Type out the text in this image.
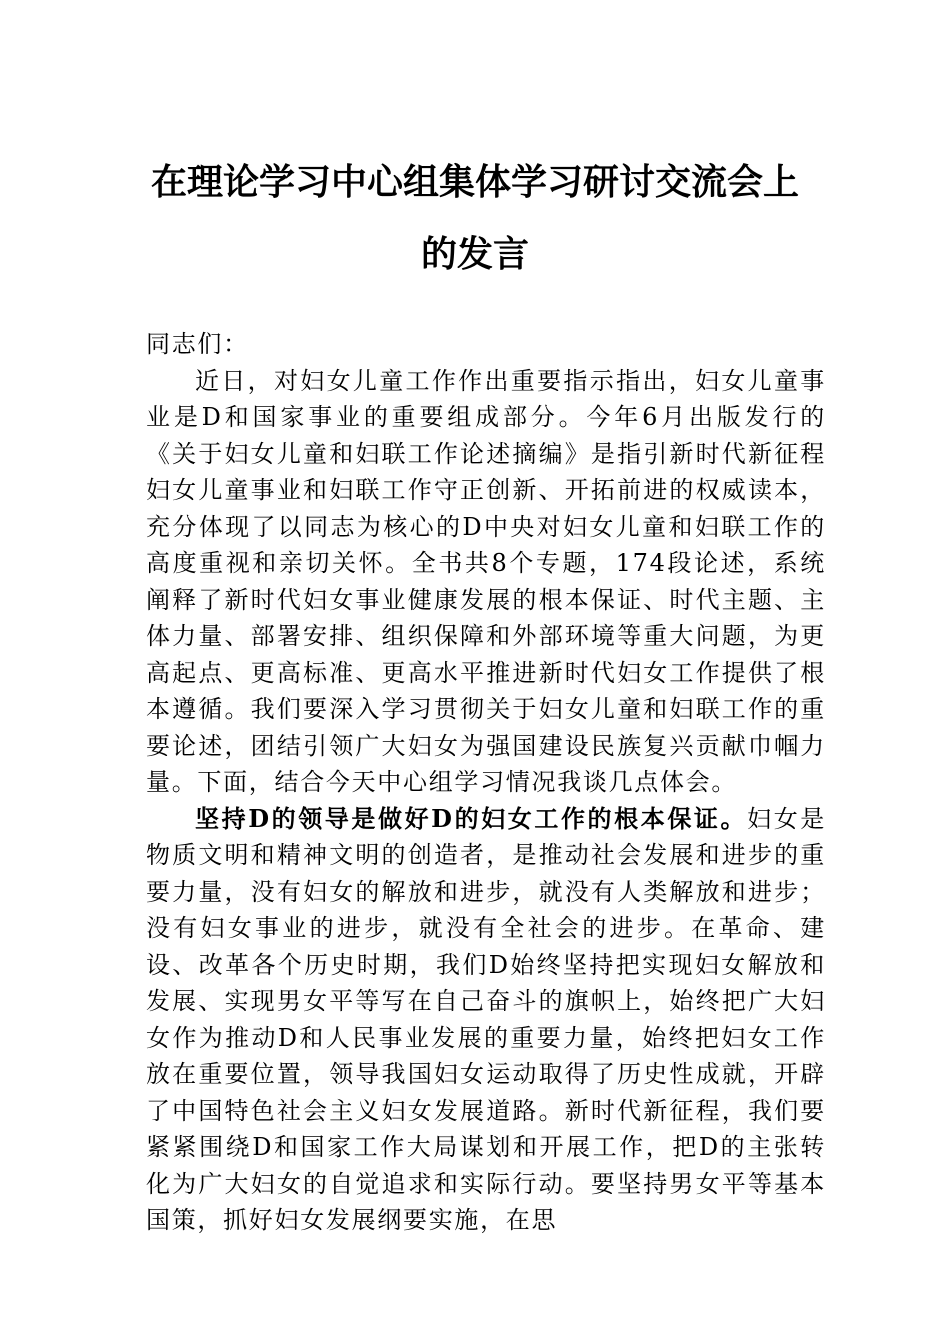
在理论学习中心组集体学习研讨交流会上
的发言

同志们：

近日，对妇女儿童工作作出重要指示指出，妇女儿童事业是D和国家事业的重要组成部分。今年6月出版发行的《关于妇女儿童和妇联工作论述摘编》是指引新时代新征程妇女儿童事业和妇联工作守正创新、开拓前进的权威读本，充分体现了以同志为核心的D中央对妇女儿童和妇联工作的高度重视和亲切关怀。全书共8个专题，174段论述，系统阐释了新时代妇女事业健康发展的根本保证、时代主题、主体力量、部署安排、组织保障和外部环境等重大问题，为更高起点、更高标准、更高水平推进新时代妇女工作提供了根本遵循。我们要深入学习贯彻关于妇女儿童和妇联工作的重要论述，团结引领广大妇女为强国建设民族复兴贡献巾帼力量。下面，结合今天中心组学习情况我谈几点体会。

坚持D的领导是做好D的妇女工作的根本保证。妇女是物质文明和精神文明的创造者，是推动社会发展和进步的重要力量，没有妇女的解放和进步，就没有人类解放和进步；没有妇女事业的进步，就没有全社会的进步。在革命、建设、改革各个历史时期，我们D始终坚持把实现妇女解放和发展、实现男女平等写在自己奋斗的旗帜上，始终把广大妇女作为推动D和人民事业发展的重要力量，始终把妇女工作放在重要位置，领导我国妇女运动取得了历史性成就，开辟了中国特色社会主义妇女发展道路。新时代新征程，我们要紧紧围绕D和国家工作大局谋划和开展工作，把D的主张转化为广大妇女的自觉追求和实际行动。要坚持男女平等基本国策，抓好妇女发展纲要实施，在思
